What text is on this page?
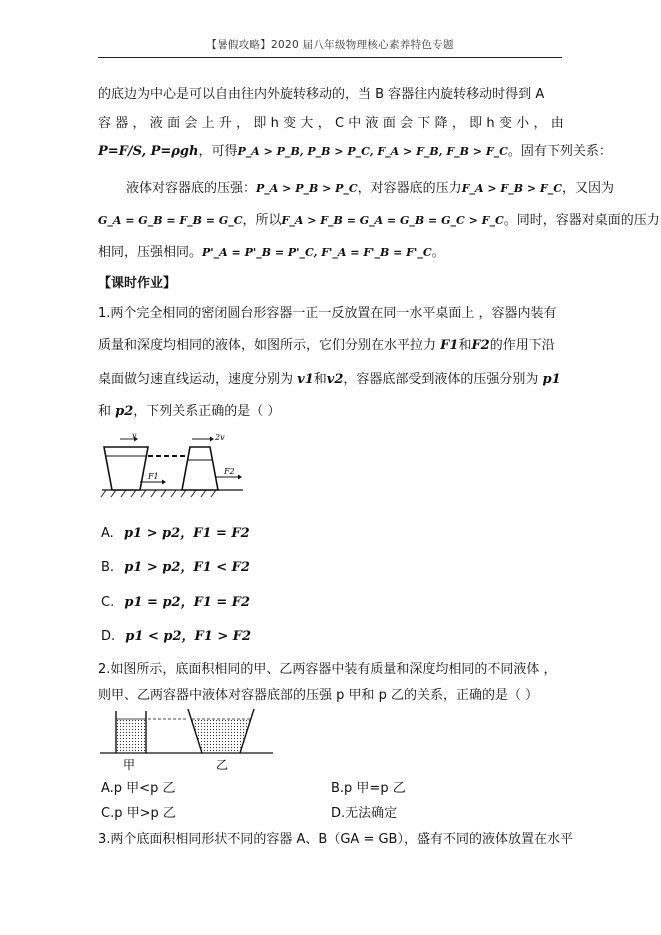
【暑假攻略】2020 届八年级物理核心素养特色专题
的底边为中心是可以自由往内外旋转移动的，当 B 容器往内旋转移动时得到 A
容 器 ， 液 面 会 上 升 ， 即 h 变 大 ， C 中 液 面 会 下 降 ， 即 h 变 小 ， 由
P=F/S, P=ρgh，可得P_A > P_B, P_B > P_C, F_A > F_B, F_B > F_C。固有下列关系：
液体对容器底的压强：P_A > P_B > P_C，对容器底的压力F_A > F_B > F_C，又因为
G_A = G_B = F_B = G_C，所以F_A > F_B = G_A = G_B = G_C > F_C。同时，容器对桌面的压力
相同，压强相同。P'_A = P'_B = P'_C, F'_A = F'_B = F'_C。
【课时作业】
1.两个完全相同的密闭圆台形容器一正一反放置在同一水平桌面上 ，容器内装有
质量和深度均相同的液体，如图所示，它们分别在水平拉力 F1和F2的作用下沿
桌面做匀速直线运动，速度分别为 v1和v2，容器底部受到液体的压强分别为 p1
和 p2，下列关系正确的是（ ）
v	2v
F1
F2
A. p1 > p2，F1 = F2
B. p1 > p2，F1 < F2
C. p1 = p2，F1 = F2
D. p1 < p2，F1 > F2
2.如图所示，底面积相同的甲、乙两容器中装有质量和深度均相同的不同液体 ，
则甲、乙两容器中液体对容器底部的压强 p 甲和 p 乙的关系，正确的是（ ）
甲	乙
A.p 甲<p 乙	B.p 甲=p 乙
C.p 甲>p 乙	D.无法确定
3.两个底面积相同形状不同的容器 A、B（GA = GB），盛有不同的液体放置在水平
